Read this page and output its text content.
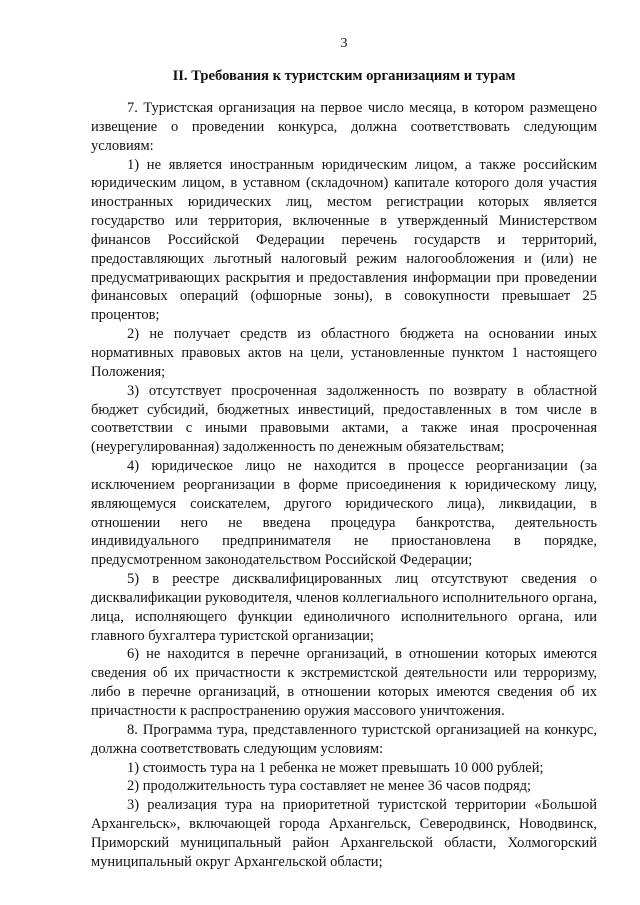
3
II. Требования к туристским организациям и турам

7. Туристская организация на первое число месяца, в котором размещено извещение о проведении конкурса, должна соответствовать следующим условиям:

1) не является иностранным юридическим лицом, а также российским юридическим лицом, в уставном (складочном) капитале которого доля участия иностранных юридических лиц, местом регистрации которых является государство или территория, включенные в утвержденный Министерством финансов Российской Федерации перечень государств и территорий, предоставляющих льготный налоговый режим налогообложения и (или) не предусматривающих раскрытия и предоставления информации при проведении финансовых операций (офшорные зоны), в совокупности превышает 25 процентов;

2) не получает средств из областного бюджета на основании иных нормативных правовых актов на цели, установленные пунктом 1 настоящего Положения;

3) отсутствует просроченная задолженность по возврату в областной бюджет субсидий, бюджетных инвестиций, предоставленных в том числе в соответствии с иными правовыми актами, а также иная просроченная (неурегулированная) задолженность по денежным обязательствам;

4) юридическое лицо не находится в процессе реорганизации (за исключением реорганизации в форме присоединения к юридическому лицу, являющемуся соискателем, другого юридического лица), ликвидации, в отношении него не введена процедура банкротства, деятельность индивидуального предпринимателя не приостановлена в порядке, предусмотренном законодательством Российской Федерации;

5) в реестре дисквалифицированных лиц отсутствуют сведения о дисквалификации руководителя, членов коллегиального исполнительного органа, лица, исполняющего функции единоличного исполнительного органа, или главного бухгалтера туристской организации;

6) не находится в перечне организаций, в отношении которых имеются сведения об их причастности к экстремистской деятельности или терроризму, либо в перечне организаций, в отношении которых имеются сведения об их причастности к распространению оружия массового уничтожения.

8. Программа тура, представленного туристской организацией на конкурс, должна соответствовать следующим условиям:

1) стоимость тура на 1 ребенка не может превышать 10 000 рублей;

2) продолжительность тура составляет не менее 36 часов подряд;

3) реализация тура на приоритетной туристской территории «Большой Архангельск», включающей города Архангельск, Северодвинск, Новодвинск, Приморский муниципальный район Архангельской области, Холмогорский муниципальный округ Архангельской области;
